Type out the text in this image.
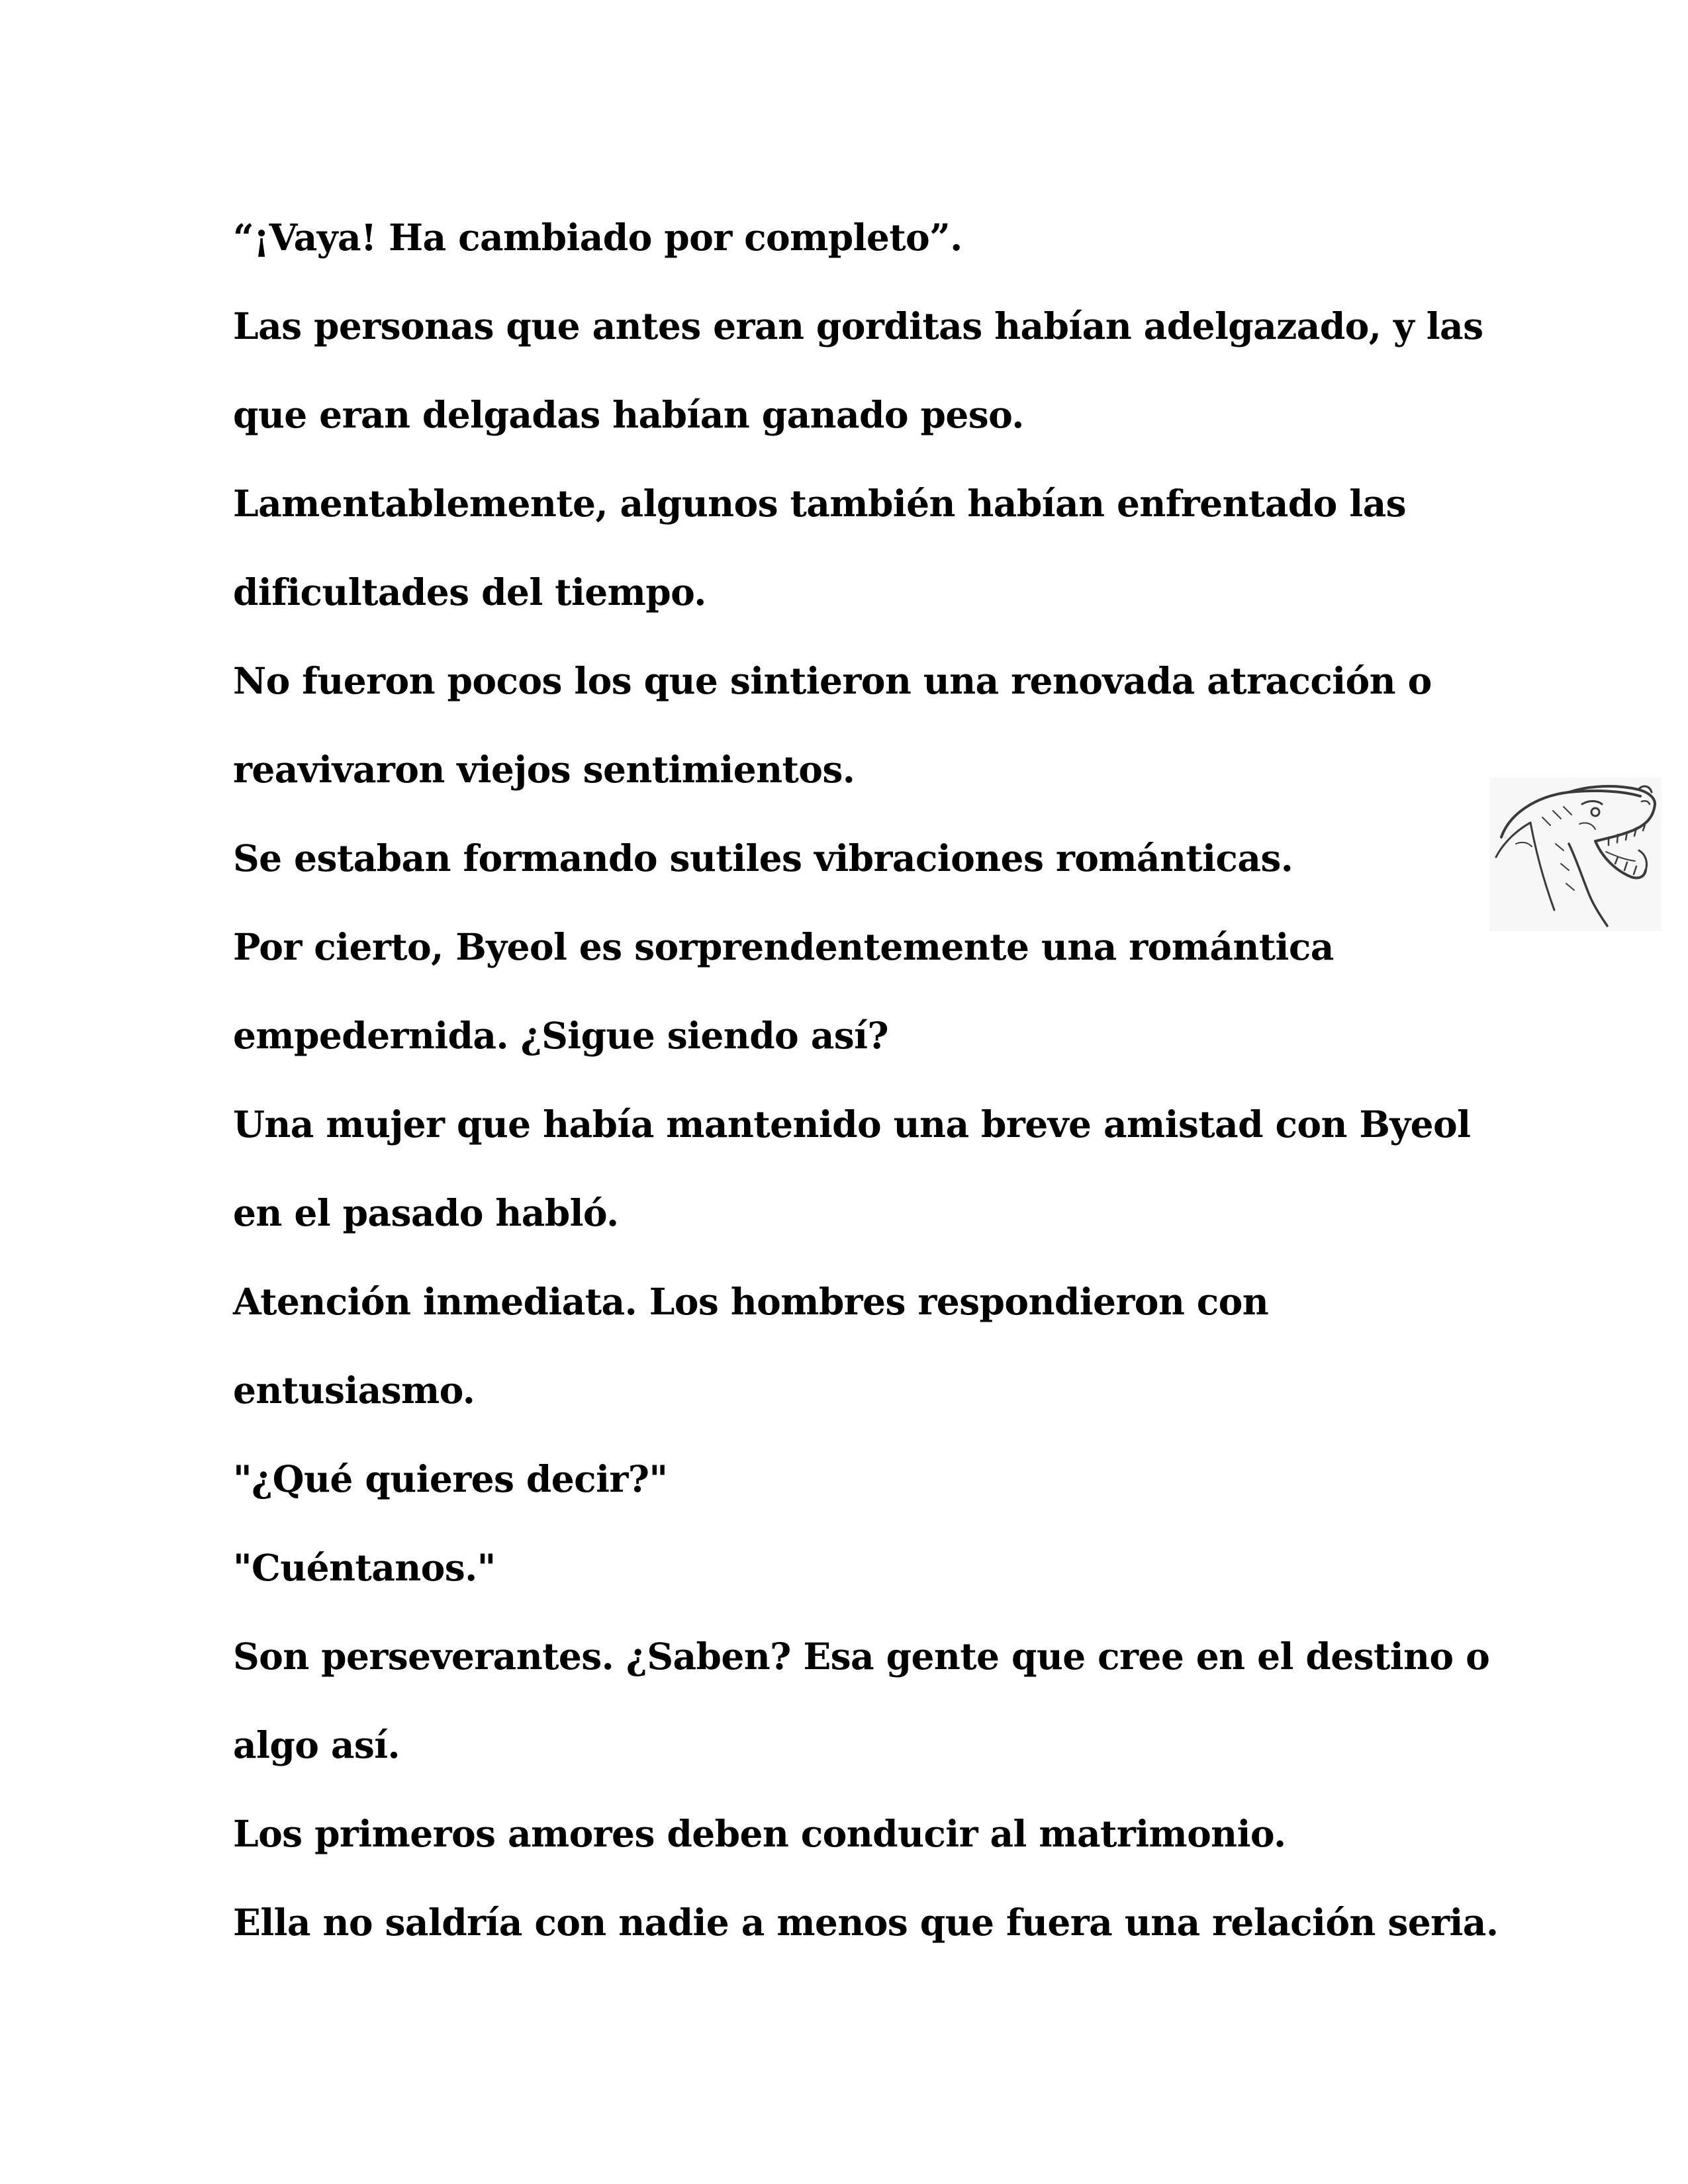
“¡Vaya! Ha cambiado por completo”.
Las personas que antes eran gorditas habían adelgazado, y las
que eran delgadas habían ganado peso.
Lamentablemente, algunos también habían enfrentado las
dificultades del tiempo.
No fueron pocos los que sintieron una renovada atracción o
reavivaron viejos sentimientos.
Se estaban formando sutiles vibraciones románticas.
Por cierto, Byeol es sorprendentemente una romántica
empedernida. ¿Sigue siendo así?
Una mujer que había mantenido una breve amistad con Byeol
en el pasado habló.
Atención inmediata. Los hombres respondieron con
entusiasmo.
"¿Qué quieres decir?"
"Cuéntanos."
Son perseverantes. ¿Saben? Esa gente que cree en el destino o
algo así.
Los primeros amores deben conducir al matrimonio.
Ella no saldría con nadie a menos que fuera una relación seria.
